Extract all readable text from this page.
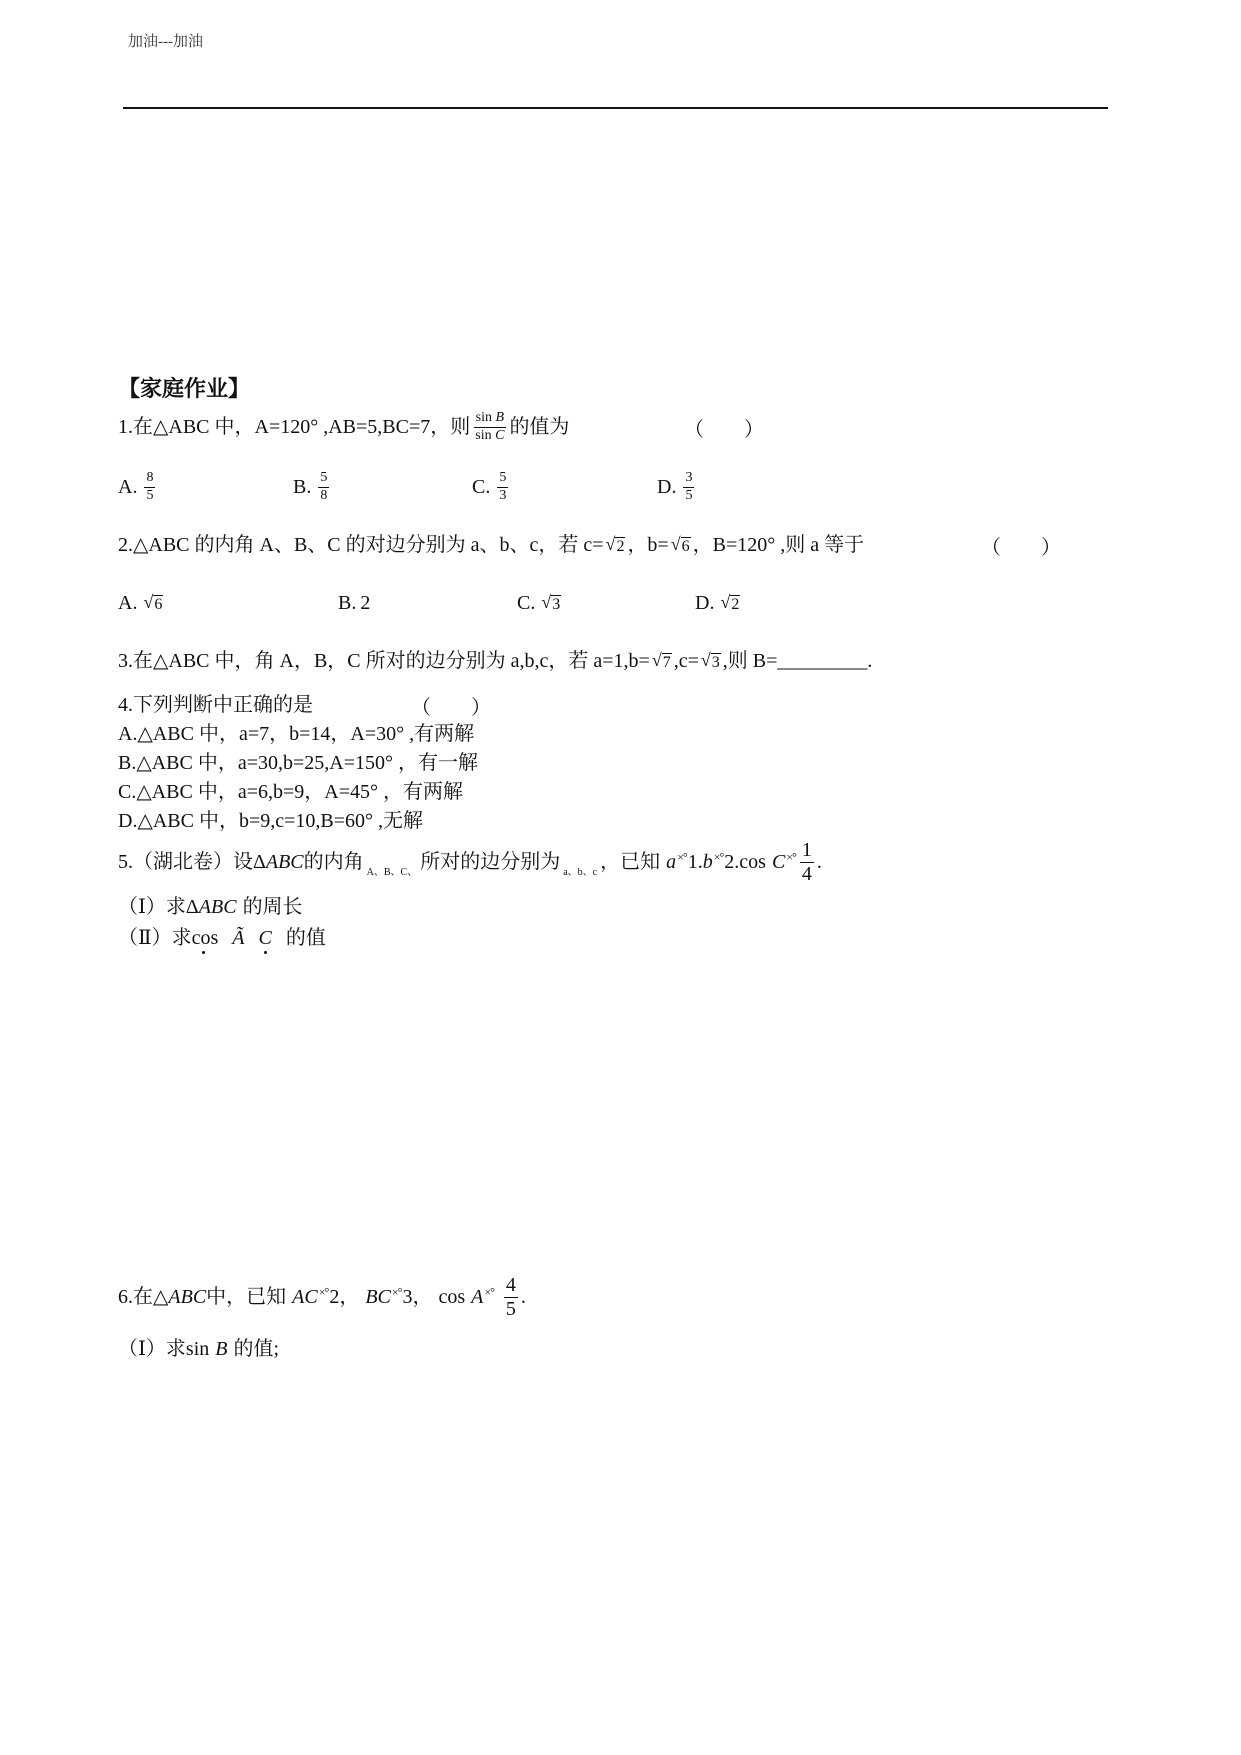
加油---加油
【家庭作业】
1.在△ABC 中，A=120° ,AB=5,BC=7，则 $\frac{\text{sin B}}{\text{sin C}}$ 的值为	（　　）
A. $\frac{8}{5}$	B. $\frac{5}{8}$	C. $\frac{5}{3}$	D. $\frac{3}{5}$
2.△ABC 的内角 A、B、C 的对边分别为 a、b、c，若 c= √ 2 ，b= √ 6 ，B=120° ,则 a 等于	（　　）
A. √ 6	B. 2	C. √ 3	D. √ 2
3.在△ABC 中，角 A，B，C 所对的边分别为 a,b,c，若 a=1,b= √ 7 ,c= √ 3 ,则 B= _________ .
4.下列判断中正确的是	（　　）
A.△ABC 中，a=7，b=14，A=30° ,有两解
B.△ABC 中，a=30,b=25,A=150° ，有一解
C.△ABC 中，a=6,b=9，A=45° ，有两解
D.△ABC 中，b=9,c=10,B=60° ,无解
5.（湖北卷）设 Δ ABC 的内角 A、B、C、 所对的边分别为 a、b、c ，已知 a ×° 1. b ×° 2.cos C ×° $\frac{1}{4}$ .
（Ⅰ）求 Δ ABC 的周长
（Ⅱ）求 cos Ã C 的值
6.在△ ABC 中，已知 AC ×° 2， BC ×° 3， cos A ×° $\frac{4}{5}$ .
（Ⅰ）求 sin B 的值;
